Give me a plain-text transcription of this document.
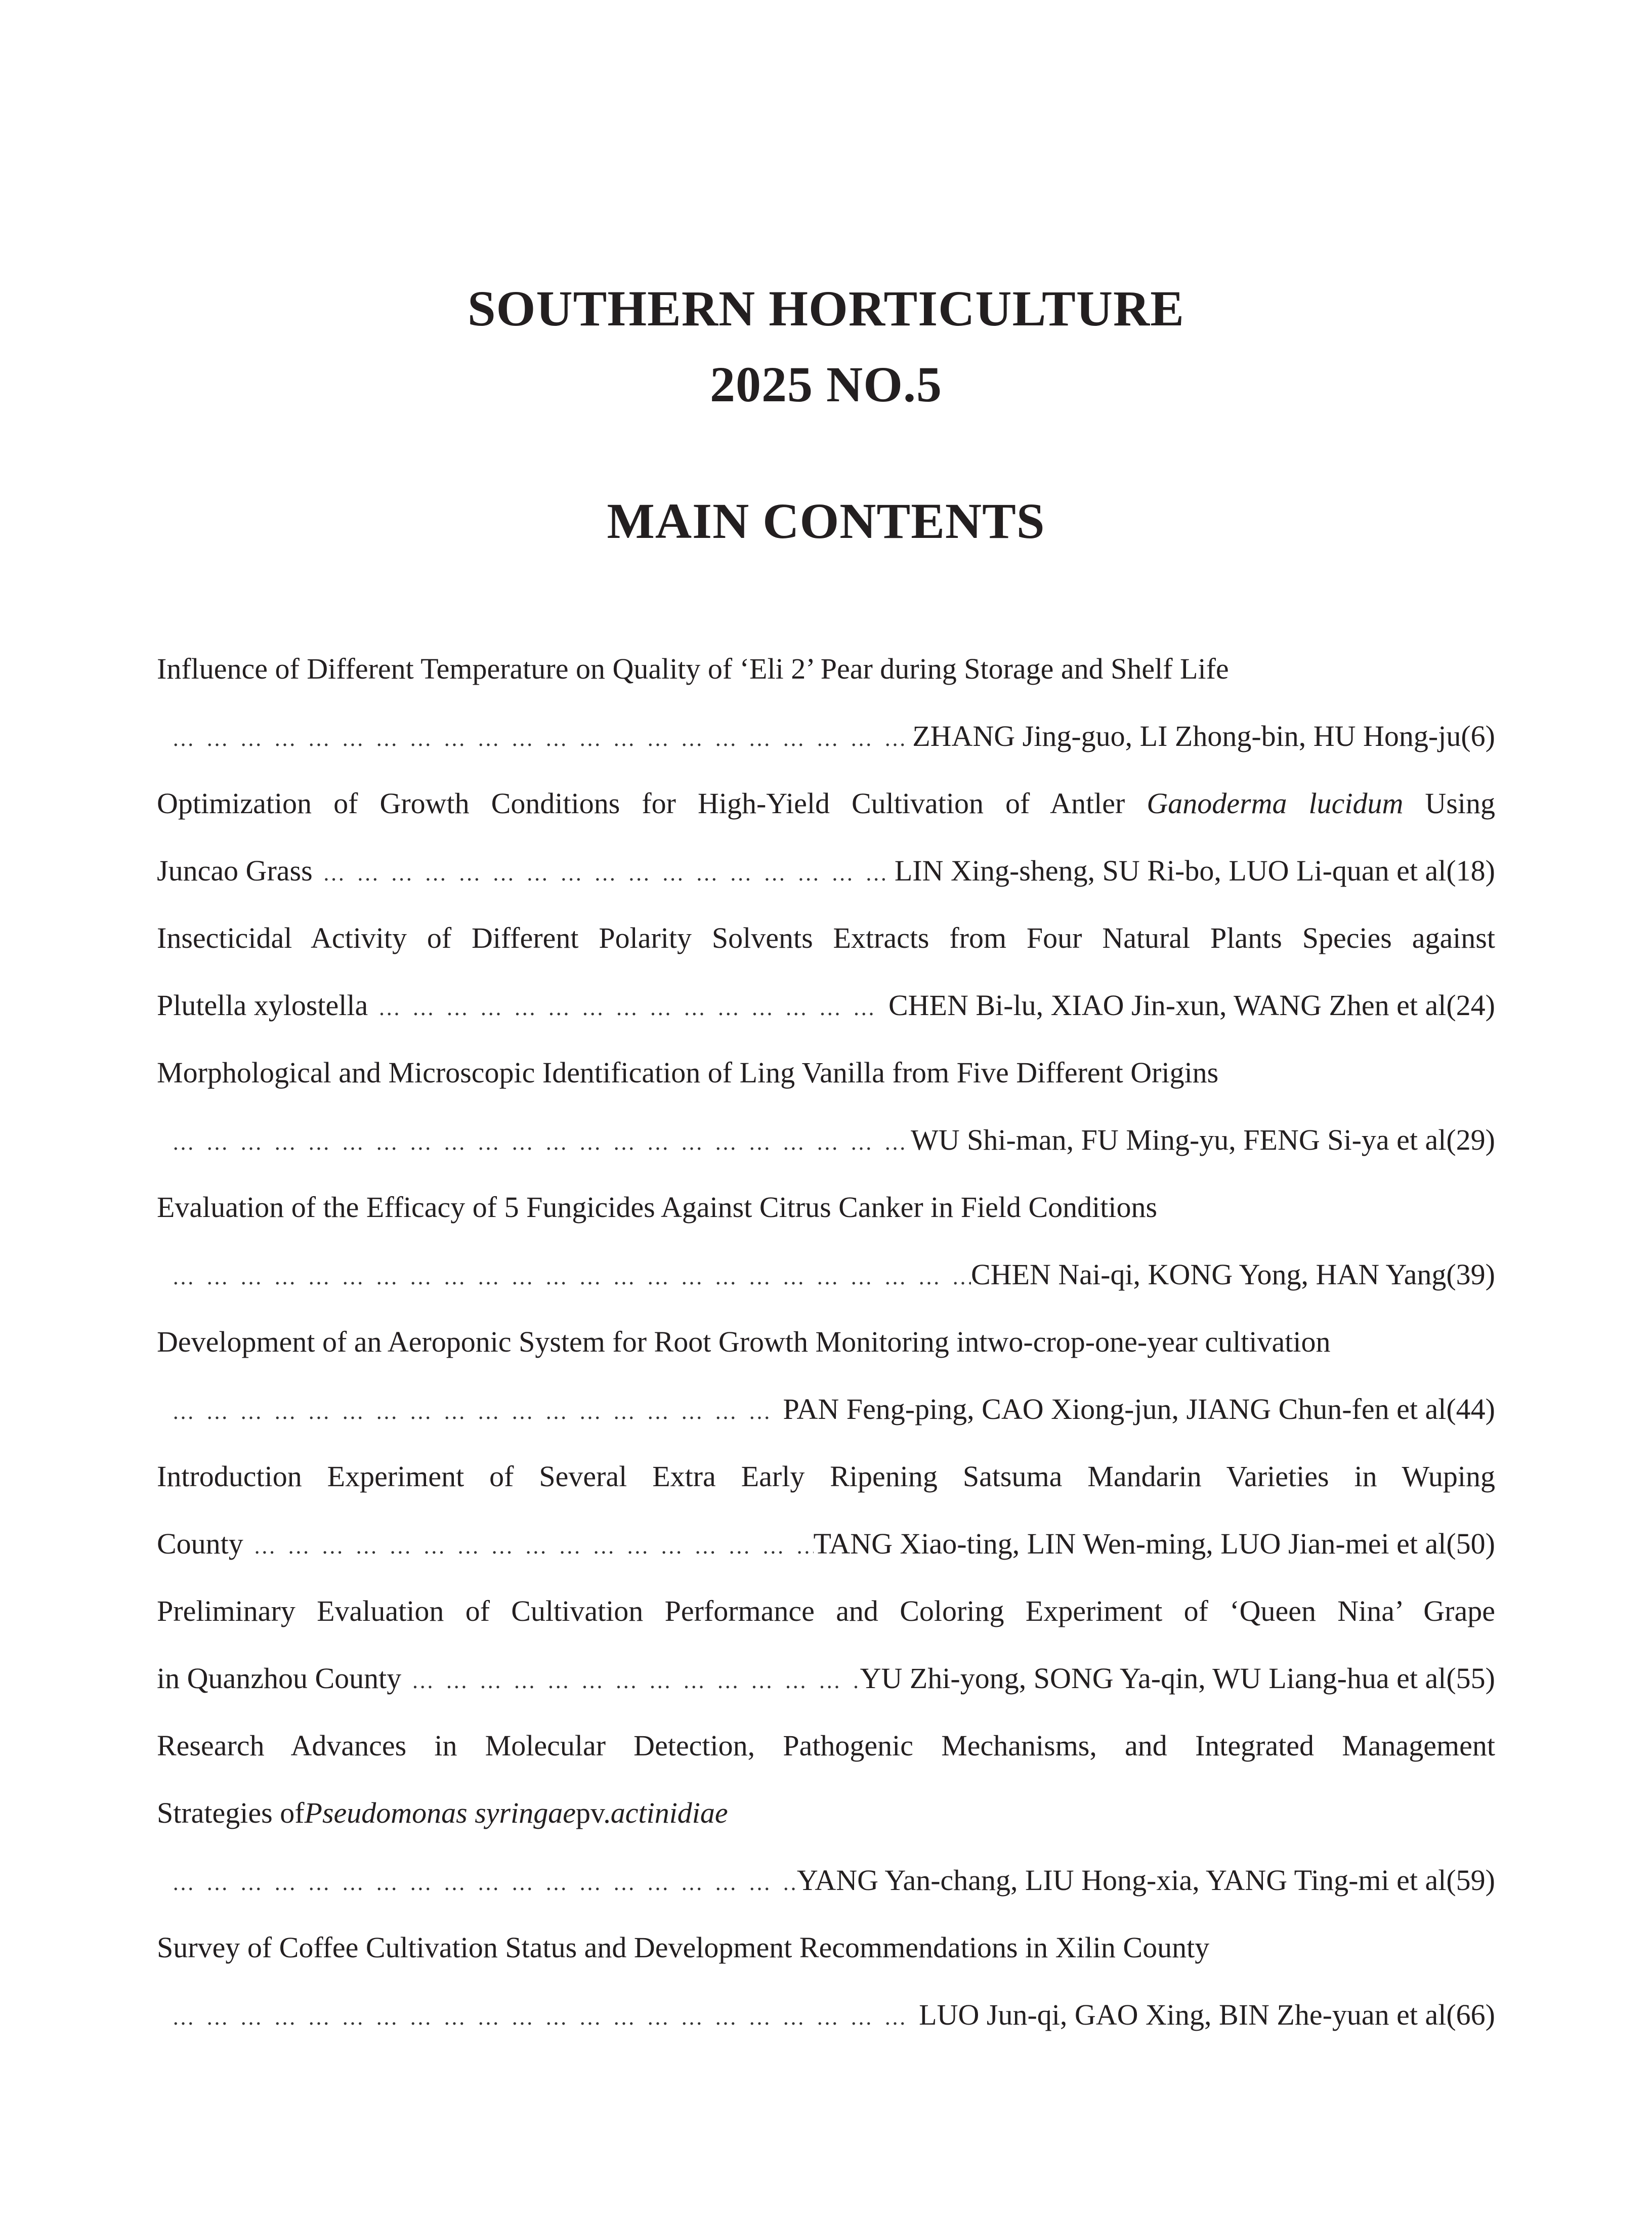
SOUTHERN HORTICULTURE
2025 NO.5
MAIN CONTENTS
Influence of Different Temperature on Quality of ‘Eli 2’ Pear during Storage and Shelf Life
… … … … … … … … … … … … … … … … … … … … … … … … … … … … … … … … … … … … … … … … … … … … … … … …
ZHANG Jing-guo, LI Zhong-bin, HU Hong-ju(6)
Optimization of Growth Conditions for High-Yield Cultivation of Antler Ganoderma lucidum Using
Juncao Grass … … … … … … … … … … … … … … … … … … … … … … … … … … … … … … … … … … … … … … … … … … … … … … … …	LIN Xing-sheng, SU Ri-bo, LUO Li-quan et al(18)
Insecticidal Activity of Different Polarity Solvents Extracts from Four Natural Plants Species against
Plutella xylostella … … … … … … … … … … … … … … … … … … … … … … … … … … … … … … … … … … … … … … … … … … … … … … … …	CHEN Bi-lu, XIAO Jin-xun, WANG Zhen et al(24)
Morphological and Microscopic Identification of Ling Vanilla from Five Different Origins
… … … … … … … … … … … … … … … … … … … … … … … … … … … … … … … … … … … … … … … … … … … … … … … …
WU Shi-man, FU Ming-yu, FENG Si-ya et al(29)
Evaluation of the Efficacy of 5 Fungicides Against Citrus Canker in Field Conditions
… … … … … … … … … … … … … … … … … … … … … … … … … … … … … … … … … … … … … … … … … … … … … … … …
CHEN Nai-qi, KONG Yong, HAN Yang(39)
Development of an Aeroponic System for Root Growth Monitoring intwo-crop-one-year cultivation
… … … … … … … … … … … … … … … … … … … … … … … … … … … … … … … … … … … … … … … … … … … … … … … …
PAN Feng-ping, CAO Xiong-jun, JIANG Chun-fen et al(44)
Introduction Experiment of Several Extra Early Ripening Satsuma Mandarin Varieties in Wuping
County … … … … … … … … … … … … … … … … … … … … … … … … … … … … … … … … … … … … … … … … … … … … … … … …	TANG Xiao-ting, LIN Wen-ming, LUO Jian-mei et al(50)
Preliminary Evaluation of Cultivation Performance and Coloring Experiment of ‘Queen Nina’ Grape
in Quanzhou County … … … … … … … … … … … … … … … … … … … … … … … … … … … … … … … … … … … … … … … … … … … … … … … …	YU Zhi-yong, SONG Ya-qin, WU Liang-hua et al(55)
Research Advances in Molecular Detection, Pathogenic Mechanisms, and Integrated Management
Strategies of Pseudomonas syringae pv. actinidiae
… … … … … … … … … … … … … … … … … … … … … … … … … … … … … … … … … … … … … … … … … … … … … … … …
YANG Yan-chang, LIU Hong-xia, YANG Ting-mi et al(59)
Survey of Coffee Cultivation Status and Development Recommendations in Xilin County
… … … … … … … … … … … … … … … … … … … … … … … … … … … … … … … … … … … … … … … … … … … … … … … …
LUO Jun-qi, GAO Xing, BIN Zhe-yuan et al(66)
